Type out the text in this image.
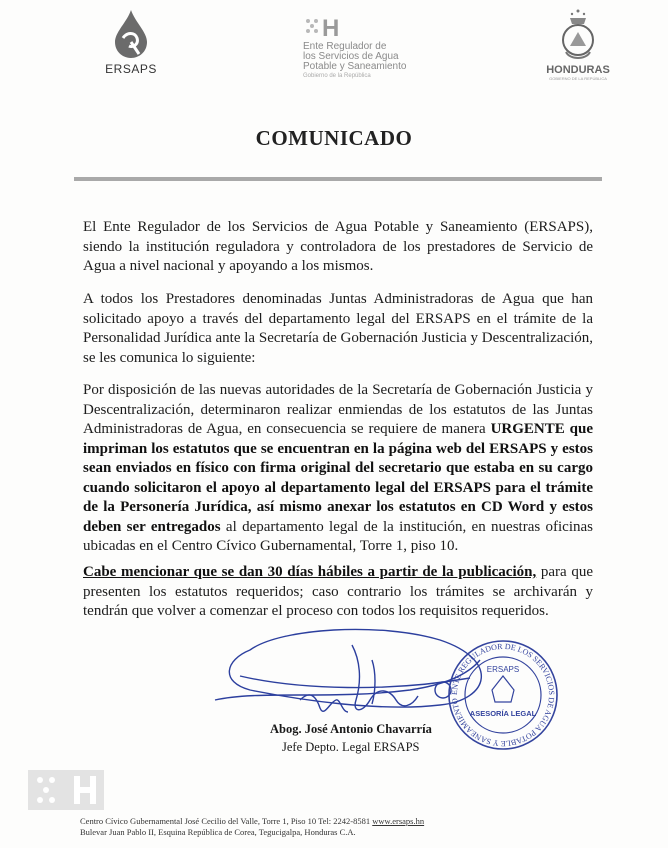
ERSAPS
H
Ente Regulador de
los Servicios de Agua
Potable y Saneamiento
Gobierno de la República	HONDURAS
GOBIERNO DE LA REPÚBLICA
COMUNICADO
El Ente Regulador de los Servicios de Agua Potable y Saneamiento (ERSAPS), siendo la institución reguladora y controladora de los prestadores de Servicio de Agua a nivel nacional y apoyando a los mismos.
A todos los Prestadores denominadas Juntas Administradoras de Agua que han solicitado apoyo a través del departamento legal del ERSAPS en el trámite de la Personalidad Jurídica ante la Secretaría de Gobernación Justicia y Descentralización, se les comunica lo siguiente:
Por disposición de las nuevas autoridades de la Secretaría de Gobernación Justicia y Descentralización, determinaron realizar enmiendas de los estatutos de las Juntas Administradoras de Agua, en consecuencia se requiere de manera URGENTE que impriman los estatutos que se encuentran en la página web del ERSAPS y estos sean enviados en físico con firma original del secretario que estaba en su cargo cuando solicitaron el apoyo al departamento legal del ERSAPS para el trámite de la Personería Jurídica, así mismo anexar los estatutos en CD Word y estos deben ser entregados al departamento legal de la institución, en nuestras oficinas ubicadas en el Centro Cívico Gubernamental, Torre 1, piso 10.
Cabe mencionar que se dan 30 días hábiles a partir de la publicación, para que presenten los estatutos requeridos; caso contrario los trámites se archivarán y tendrán que volver a comenzar el proceso con todos los requisitos requeridos.
ENTE REGULADOR DE LOS SERVICIOS DE AGUA POTABLE Y SANEAMIENTO
ERSAPS
ASESORÍA LEGAL
Abog. José Antonio Chavarría
Jefe Depto. Legal ERSAPS
Centro Cívico Gubernamental José Cecilio del Valle, Torre 1, Piso 10 Tel: 2242-8581 www.ersaps.hn
Bulevar Juan Pablo II, Esquina República de Corea, Tegucigalpa, Honduras C.A.
